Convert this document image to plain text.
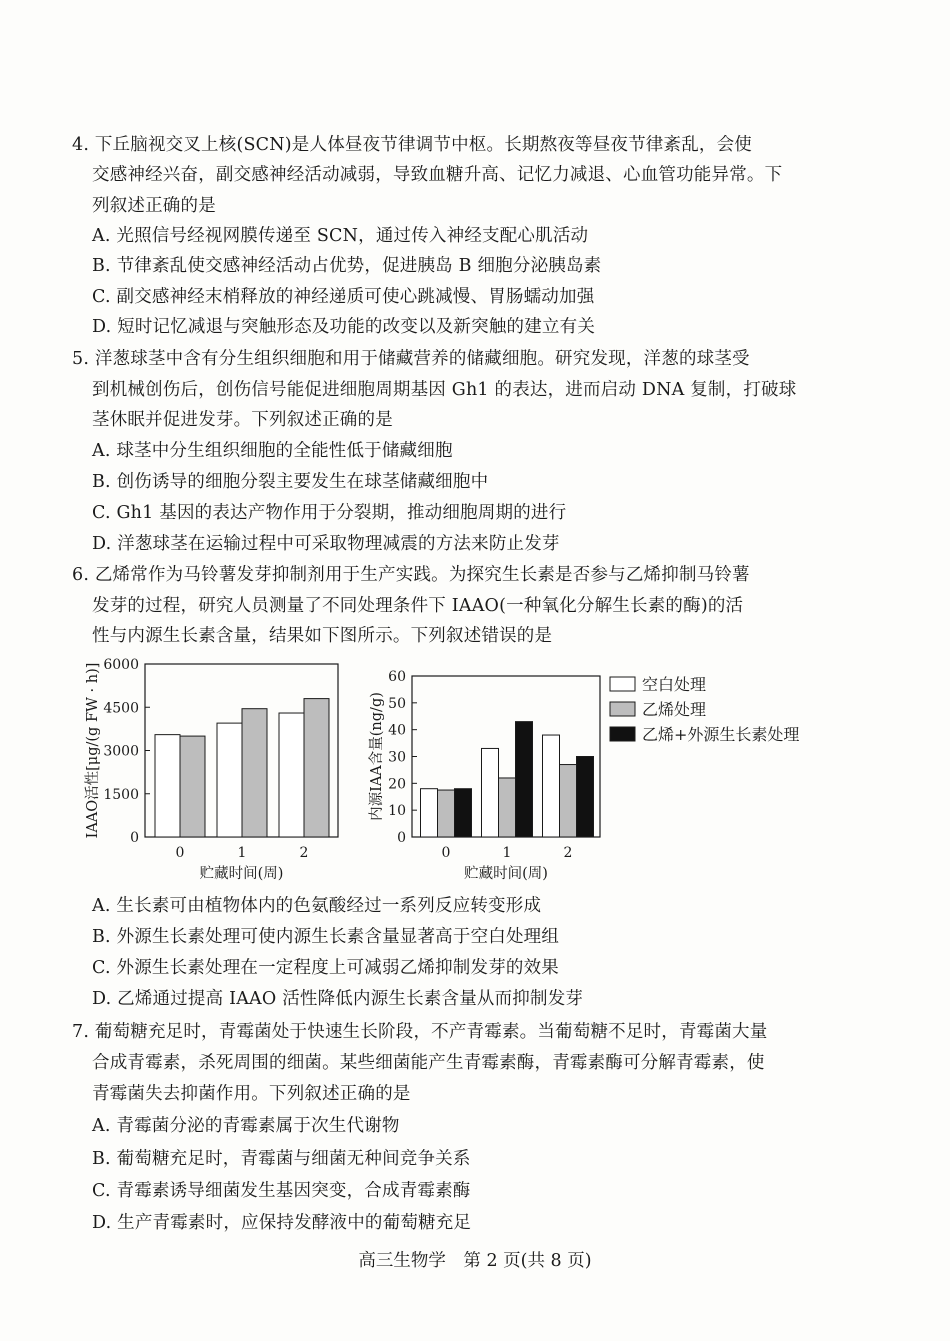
4. 下丘脑视交叉上核(SCN)是人体昼夜节律调节中枢。长期熬夜等昼夜节律紊乱，会使
交感神经兴奋，副交感神经活动减弱，导致血糖升高、记忆力减退、心血管功能异常。下
列叙述正确的是
A. 光照信号经视网膜传递至 SCN，通过传入神经支配心肌活动
B. 节律紊乱使交感神经活动占优势，促进胰岛 B 细胞分泌胰岛素
C. 副交感神经末梢释放的神经递质可使心跳减慢、胃肠蠕动加强
D. 短时记忆减退与突触形态及功能的改变以及新突触的建立有关
5. 洋葱球茎中含有分生组织细胞和用于储藏营养的储藏细胞。研究发现，洋葱的球茎受
到机械创伤后，创伤信号能促进细胞周期基因 Gh1 的表达，进而启动 DNA 复制，打破球
茎休眠并促进发芽。下列叙述正确的是
A. 球茎中分生组织细胞的全能性低于储藏细胞
B. 创伤诱导的细胞分裂主要发生在球茎储藏细胞中
C. Gh1 基因的表达产物作用于分裂期，推动细胞周期的进行
D. 洋葱球茎在运输过程中可采取物理减震的方法来防止发芽
6. 乙烯常作为马铃薯发芽抑制剂用于生产实践。为探究生长素是否参与乙烯抑制马铃薯
发芽的过程，研究人员测量了不同处理条件下 IAAO(一种氧化分解生长素的酶)的活
性与内源生长素含量，结果如下图所示。下列叙述错误的是
0
1500
3000
4500
6000
0	1	2
贮藏时间(周)
IAAO活性[μg/(g FW · h)]	0
10
20
30
40
50
60
0	1	2
贮藏时间(周)
内源IAA含量(ng/g)
空白处理
乙烯处理
乙烯+外源生长素处理
A. 生长素可由植物体内的色氨酸经过一系列反应转变形成
B. 外源生长素处理可使内源生长素含量显著高于空白处理组
C. 外源生长素处理在一定程度上可减弱乙烯抑制发芽的效果
D. 乙烯通过提高 IAAO 活性降低内源生长素含量从而抑制发芽
7. 葡萄糖充足时，青霉菌处于快速生长阶段，不产青霉素。当葡萄糖不足时，青霉菌大量
合成青霉素，杀死周围的细菌。某些细菌能产生青霉素酶，青霉素酶可分解青霉素，使
青霉菌失去抑菌作用。下列叙述正确的是
A. 青霉菌分泌的青霉素属于次生代谢物
B. 葡萄糖充足时，青霉菌与细菌无种间竞争关系
C. 青霉素诱导细菌发生基因突变，合成青霉素酶
D. 生产青霉素时，应保持发酵液中的葡萄糖充足
高三生物学　第 2 页(共 8 页)
